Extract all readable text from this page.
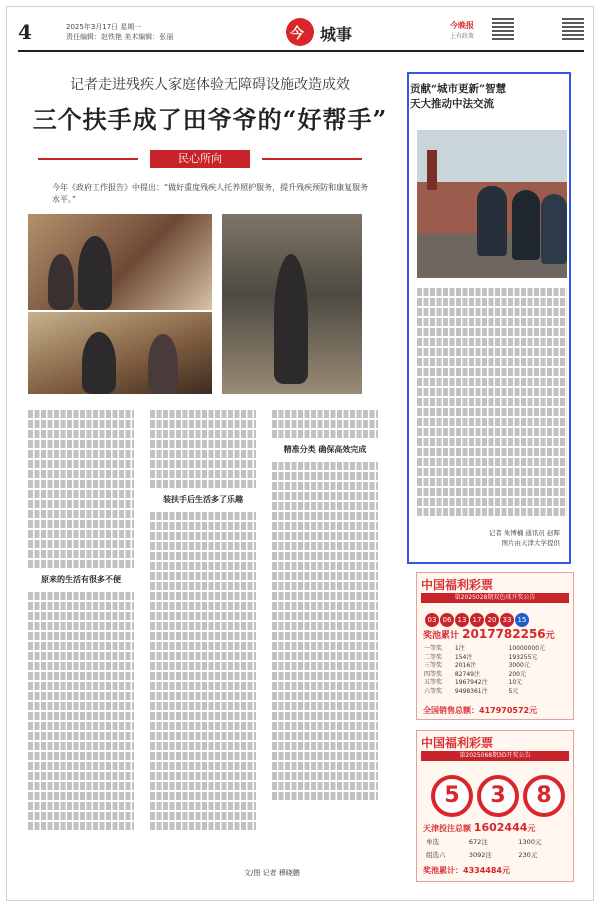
4	2025年3月17日 星期一
责任编辑：赵铁艳 美术编辑：张丽	今 城事	今晚报
上有政策
记者走进残疾人家庭体验无障碍设施改造成效
三个扶手成了田爷爷的“好帮手”
民心所向
今年《政府工作报告》中提出：“做好重度残疾人托养照护服务，提升残疾预防和康复服务水平。”
原来的生活有很多不便
装扶手后生活多了乐趣
精准分类 确保高效完成
文/图 记者 穆晓鹏
贡献“城市更新”智慧
天大推动中法交流
记者 朱博楠 通讯员 赵晖
图片由天津大学提供
中国福利彩票
第2025028期双色球开奖公告
03 06 13 17 20 33 15
奖池累计 2017782256元
一等奖	1注	10000000元
二等奖	154注	193255元
三等奖	2016注	3000元
四等奖	82749注	200元
五等奖	1967942注	10元
六等奖	9498361注	5元
全国销售总额：417970572元
中国福利彩票
第2025068期3D开奖公告
5 3 8
天津投注总额 1602444元
单选	672注	1300元
组选六	3092注	230元
奖池累计：4334484元
